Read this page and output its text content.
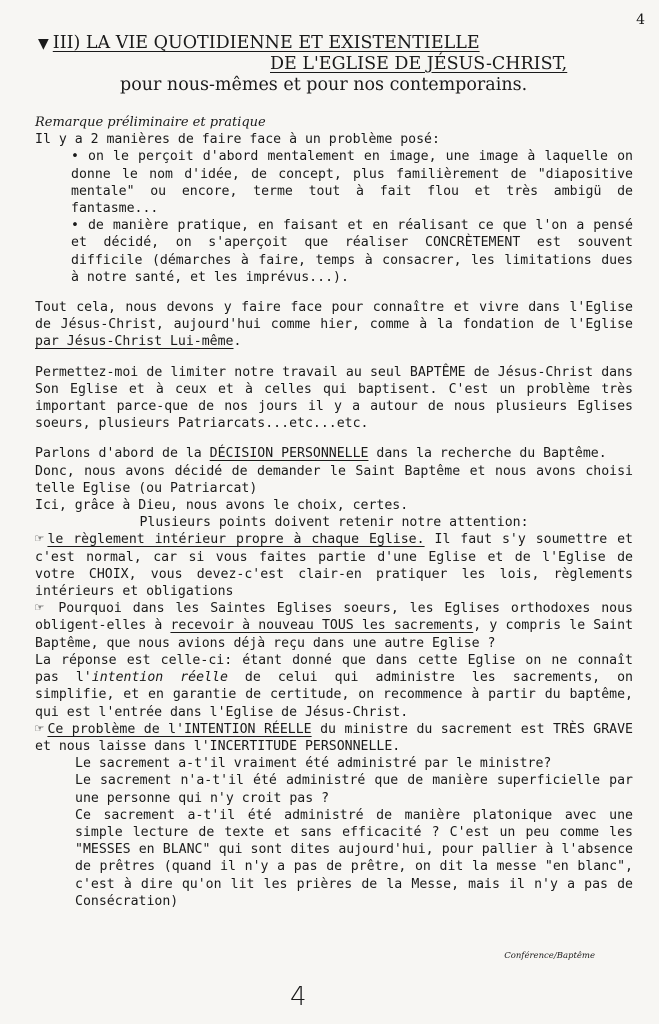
4
▼ III) LA VIE QUOTIDIENNE ET EXISTENTIELLE
DE L'EGLISE DE JÉSUS-CHRIST,
pour nous-mêmes et pour nos contemporains.

Remarque préliminaire et pratique

Il y a 2 manières de faire face à un problème posé:

• on le perçoit d'abord mentalement en image, une image à laquelle on donne le nom d'idée, de concept, plus familièrement de "diapositive mentale" ou encore, terme tout à fait flou et très ambigü de fantasme...

• de manière pratique, en faisant et en réalisant ce que l'on a pensé et décidé, on s'aperçoit que réaliser CONCRÈTEMENT est souvent difficile (démarches à faire, temps à consacrer, les limitations dues à notre santé, et les imprévus...).

Tout cela, nous devons y faire face pour connaître et vivre dans l'Eglise de Jésus-Christ, aujourd'hui comme hier, comme à la fondation de l'Eglise par Jésus-Christ Lui-même.

Permettez-moi de limiter notre travail au seul BAPTÊME de Jésus-Christ dans Son Eglise et à ceux et à celles qui baptisent. C'est un problème très important parce-que de nos jours il y a autour de nous plusieurs Eglises soeurs, plusieurs Patriarcats...etc...etc.

Parlons d'abord de la DÉCISION PERSONNELLE dans la recherche du Baptême.

Donc, nous avons décidé de demander le Saint Baptême et nous avons choisi telle Eglise (ou Patriarcat)

Ici, grâce à Dieu, nous avons le choix, certes.

Plusieurs points doivent retenir notre attention:

☞ le règlement intérieur propre à chaque Eglise. Il faut s'y soumettre et c'est normal, car si vous faites partie d'une Eglise et de l'Eglise de votre CHOIX, vous devez-c'est clair-en pratiquer les lois, règlements intérieurs et obligations

☞ Pourquoi dans les Saintes Eglises soeurs, les Eglises orthodoxes nous obligent-elles à recevoir à nouveau TOUS les sacrements, y compris le Saint Baptême, que nous avions déjà reçu dans une autre Eglise ?

La réponse est celle-ci: étant donné que dans cette Eglise on ne connaît pas l'intention réelle de celui qui administre les sacrements, on simplifie, et en garantie de certitude, on recommence à partir du baptême, qui est l'entrée dans l'Eglise de Jésus-Christ.

☞ Ce problème de l'INTENTION RÉELLE du ministre du sacrement est TRÈS GRAVE et nous laisse dans l'INCERTITUDE PERSONNELLE.

Le sacrement a-t'il vraiment été administré par le ministre?

Le sacrement n'a-t'il été administré que de manière superficielle par une personne qui n'y croit pas ?

Ce sacrement a-t'il été administré de manière platonique avec une simple lecture de texte et sans efficacité ? C'est un peu comme les "MESSES en BLANC" qui sont dites aujourd'hui, pour pallier à l'absence de prêtres (quand il n'y a pas de prêtre, on dit la messe "en blanc", c'est à dire qu'on lit les prières de la Messe, mais il n'y a pas de Consécration)

Conférence/Baptême
4
